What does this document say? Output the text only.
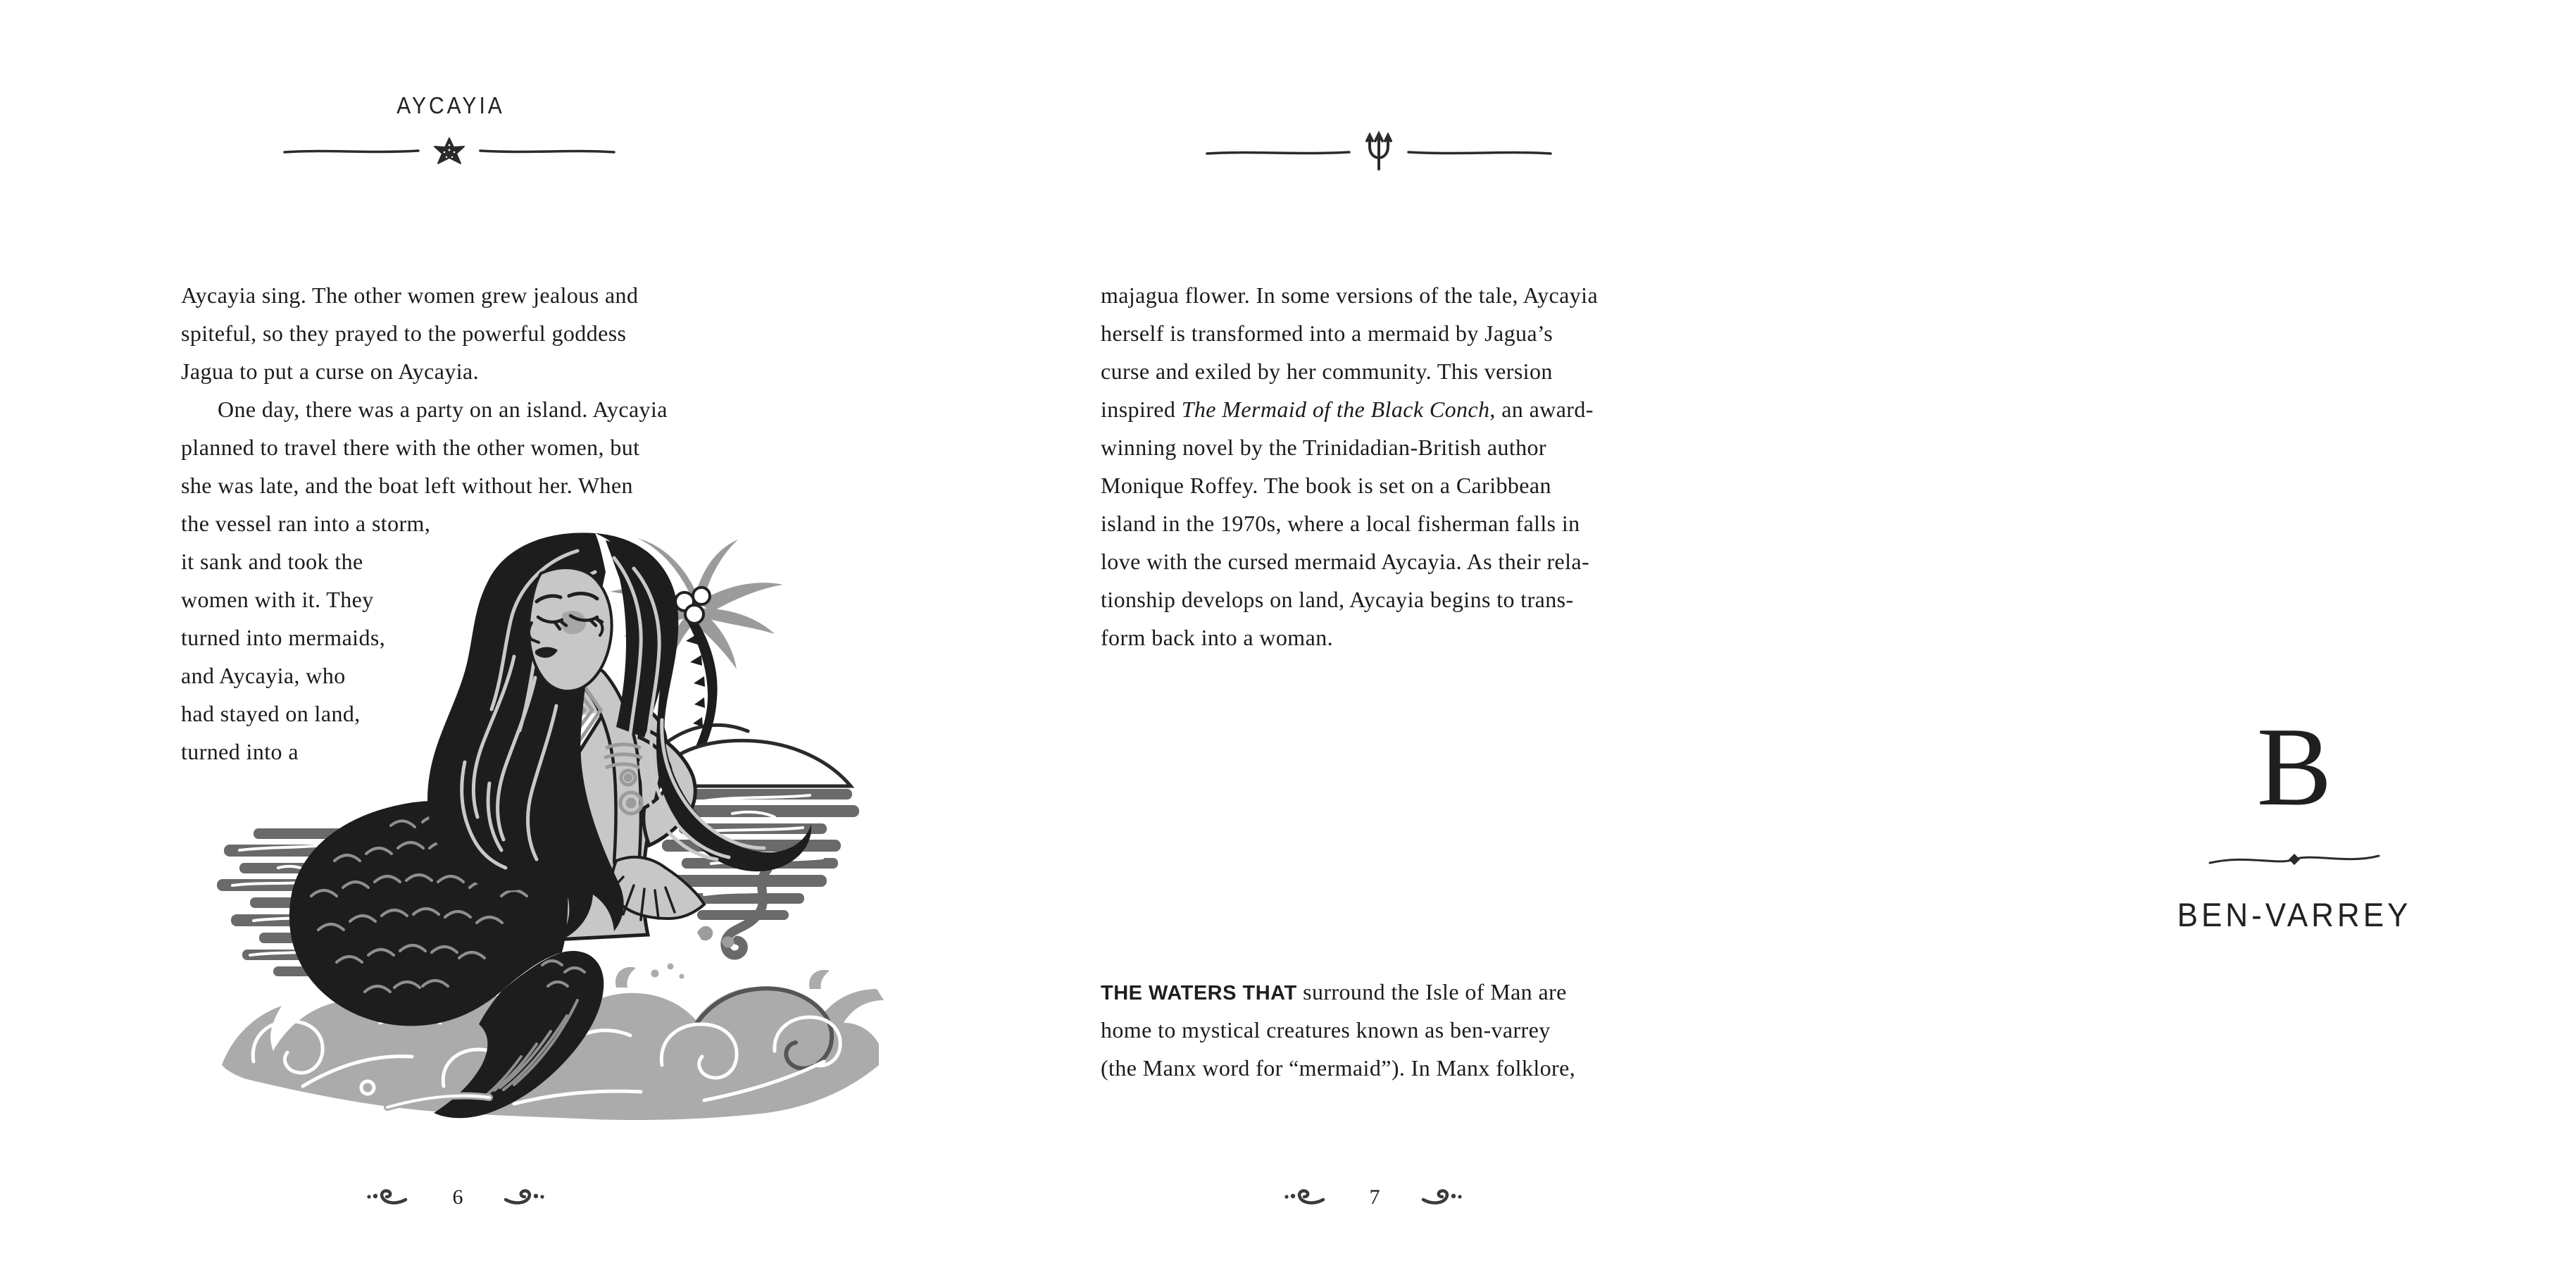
AYCAYIA
Aycayia sing. The other women grew jealous and
spiteful, so they prayed to the powerful goddess
Jagua to put a curse on Aycayia.
One day, there was a party on an island. Aycayia
planned to travel there with the other women, but
she was late, and the boat left without her. When
the vessel ran into a storm,
it sank and took the
women with it. They
turned into mermaids,
and Aycayia, who
had stayed on land,
turned into a
6
majagua flower. In some versions of the tale, Aycayia
herself is transformed into a mermaid by Jagua’s
curse and exiled by her community. This version
inspired The Mermaid of the Black Conch, an award-
winning novel by the Trinidadian-British author
Monique Roffey. The book is set on a Caribbean
island in the 1970s, where a local fisherman falls in
love with the cursed mermaid Aycayia. As their rela-
tionship develops on land, Aycayia begins to trans-
form back into a woman.
B
BEN-VARREY
THE WATERS THAT surround the Isle of Man are
home to mystical creatures known as ben-varrey
(the Manx word for “mermaid”). In Manx folklore,
7
